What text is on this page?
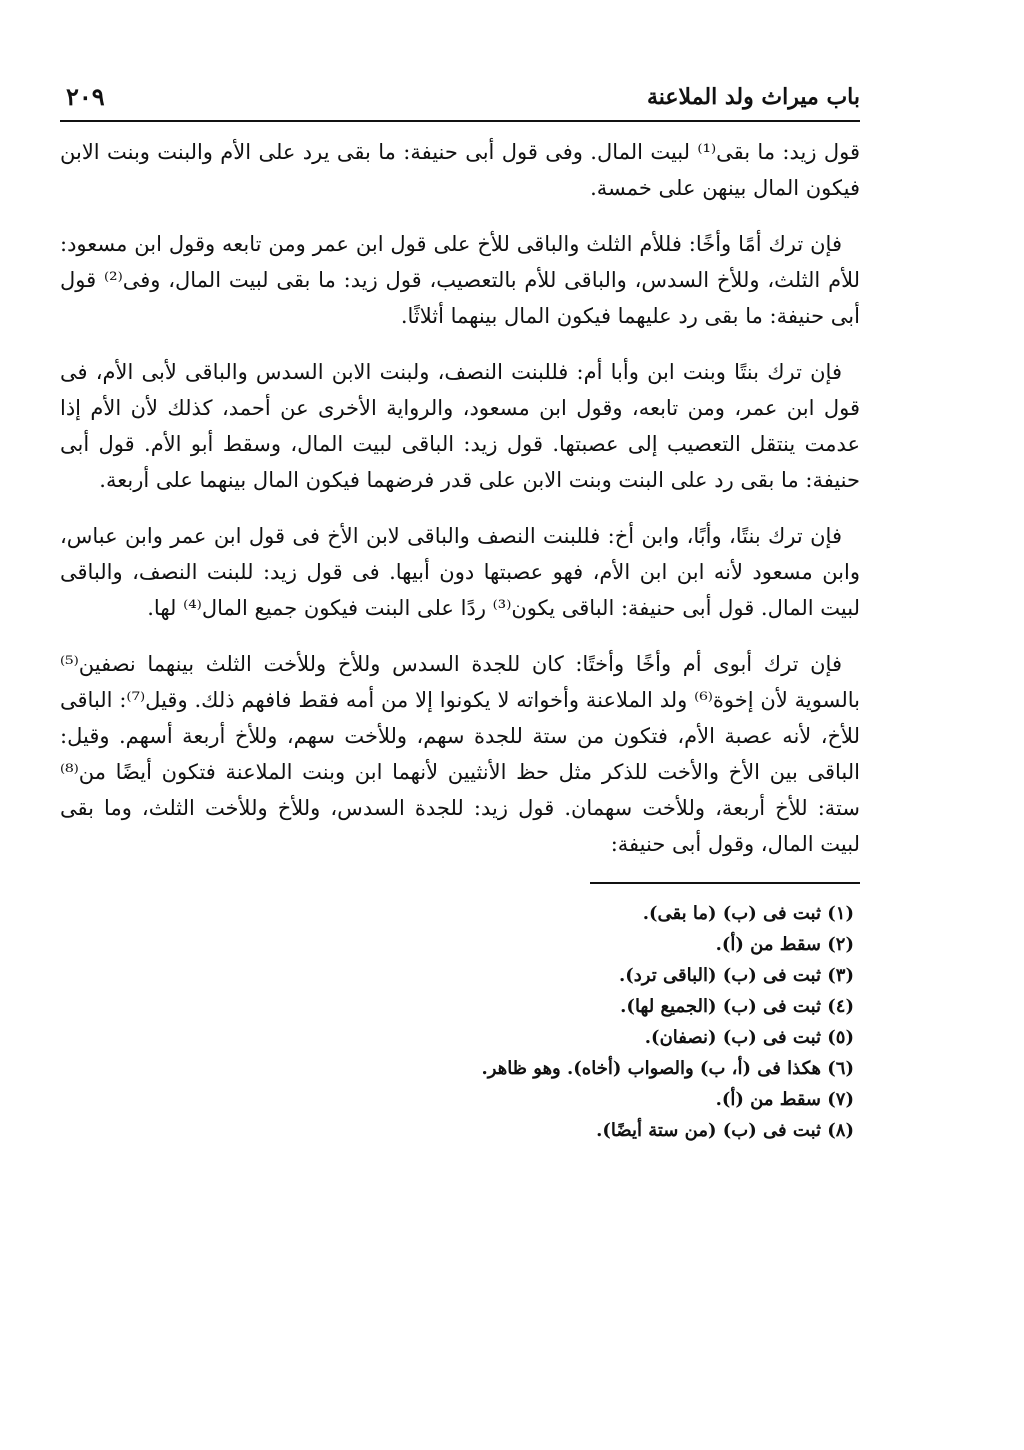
باب ميراث ولد الملاعنة
٢٠٩

قول زيد: ما بقى⁽¹⁾ لبيت المال. وفى قول أبى حنيفة: ما بقى يرد على الأم والبنت وبنت الابن فيكون المال بينهن على خمسة.

فإن ترك أمًا وأخًا: فللأم الثلث والباقى للأخ على قول ابن عمر ومن تابعه وقول ابن مسعود: للأم الثلث، وللأخ السدس، والباقى للأم بالتعصيب، قول زيد: ما بقى لبيت المال، وفى⁽²⁾ قول أبى حنيفة: ما بقى رد عليهما فيكون المال بينهما أثلاثًا.

فإن ترك بنتًا وبنت ابن وأبا أم: فللبنت النصف، ولبنت الابن السدس والباقى لأبى الأم، فى قول ابن عمر، ومن تابعه، وقول ابن مسعود، والرواية الأخرى عن أحمد، كذلك لأن الأم إذا عدمت ينتقل التعصيب إلى عصبتها. قول زيد: الباقى لبيت المال، وسقط أبو الأم. قول أبى حنيفة: ما بقى رد على البنت وبنت الابن على قدر فرضهما فيكون المال بينهما على أربعة.

فإن ترك بنتًا، وأبًا، وابن أخ: فللبنت النصف والباقى لابن الأخ فى قول ابن عمر وابن عباس، وابن مسعود لأنه ابن ابن الأم، فهو عصبتها دون أبيها. فى قول زيد: للبنت النصف، والباقى لبيت المال. قول أبى حنيفة: الباقى يكون⁽³⁾ ردًا على البنت فيكون جميع المال⁽⁴⁾ لها.

فإن ترك أبوى أم وأخًا وأختًا: كان للجدة السدس وللأخ وللأخت الثلث بينهما نصفين⁽⁵⁾ بالسوية لأن إخوة⁽⁶⁾ ولد الملاعنة وأخواته لا يكونوا إلا من أمه فقط فافهم ذلك. وقيل⁽⁷⁾: الباقى للأخ، لأنه عصبة الأم، فتكون من ستة للجدة سهم، وللأخت سهم، وللأخ أربعة أسهم. وقيل: الباقى بين الأخ والأخت للذكر مثل حظ الأنثيين لأنهما ابن وبنت الملاعنة فتكون أيضًا من⁽⁸⁾ ستة: للأخ أربعة، وللأخت سهمان. قول زيد: للجدة السدس، وللأخ وللأخت الثلث، وما بقى لبيت المال، وقول أبى حنيفة:

(١) ثبت فى (ب) (ما بقى).

(٢) سقط من (أ).

(٣) ثبت فى (ب) (الباقى ترد).

(٤) ثبت فى (ب) (الجميع لها).

(٥) ثبت فى (ب) (نصفان).

(٦) هكذا فى (أ، ب) والصواب (أخاه). وهو ظاهر.

(٧) سقط من (أ).

(٨) ثبت فى (ب) (من ستة أيضًا).
